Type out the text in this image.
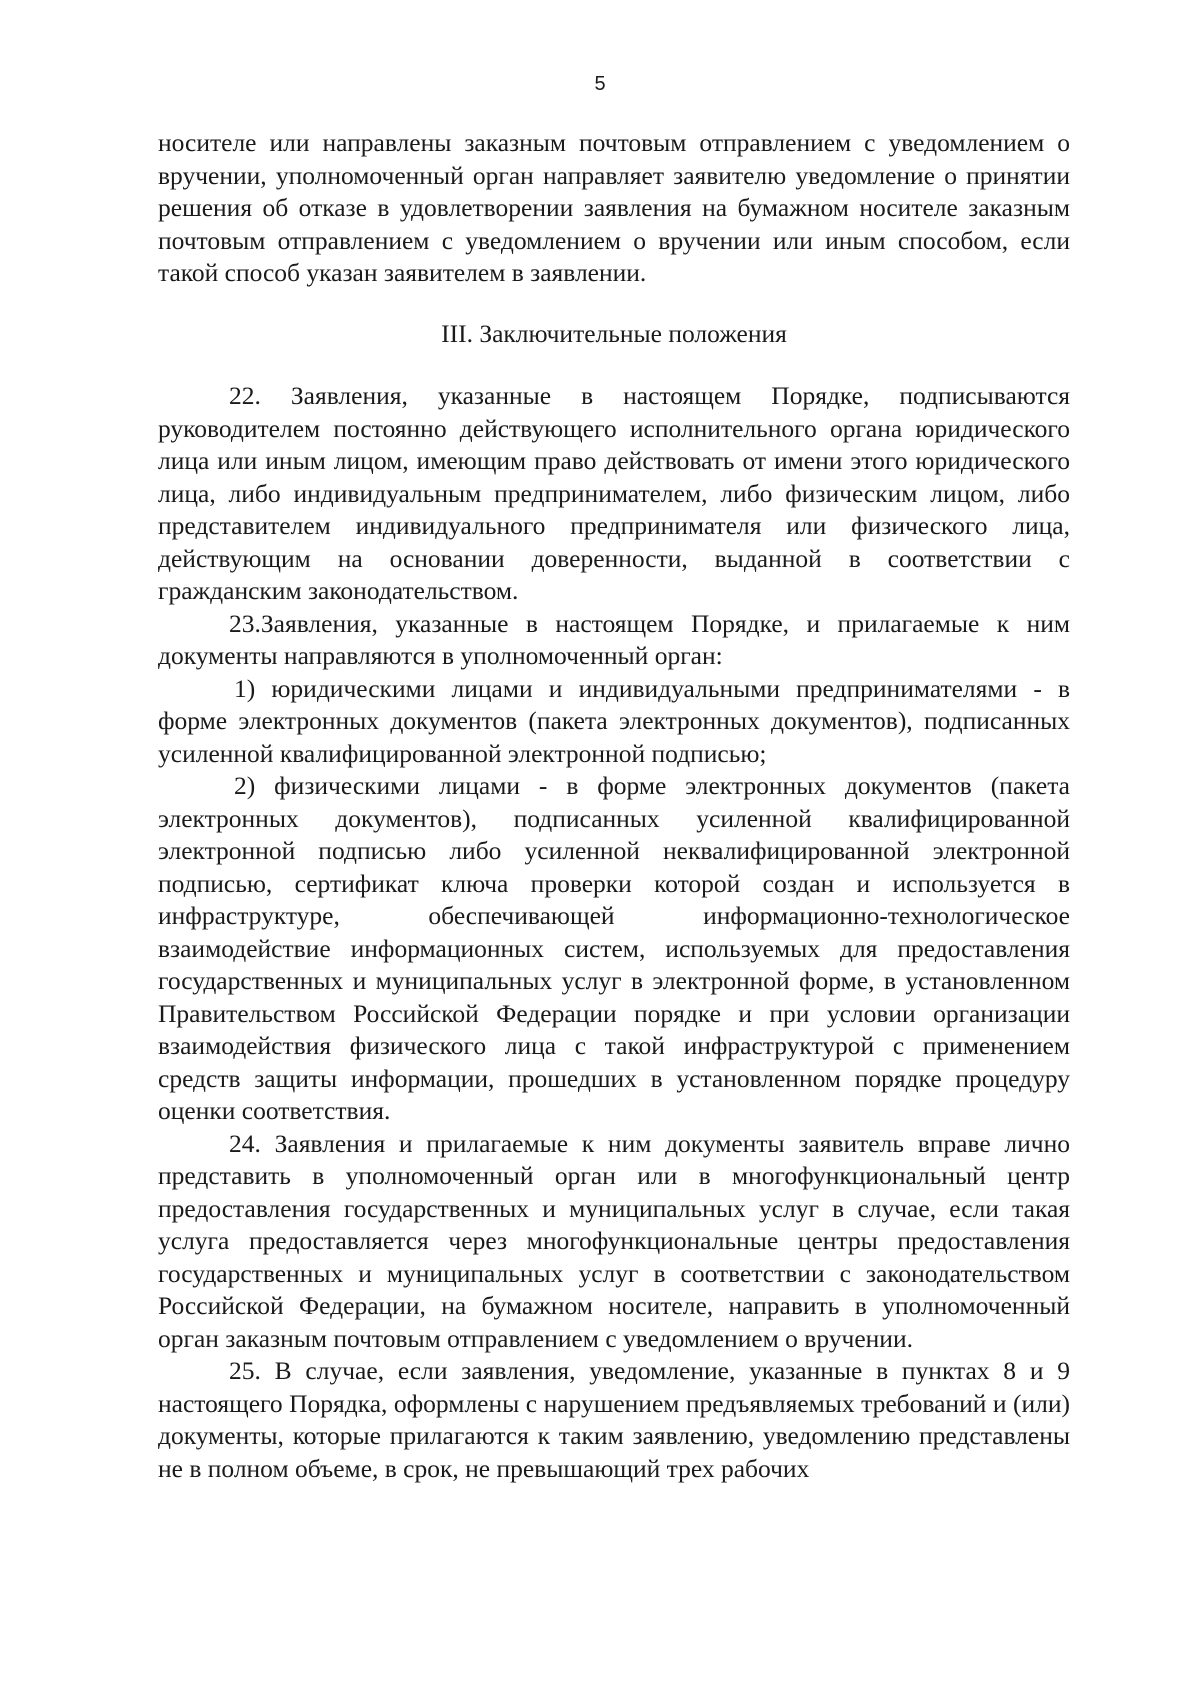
5

носителе или направлены заказным почтовым отправлением с уведомлением о вручении, уполномоченный орган направляет заявителю уведомление о принятии решения об отказе в удовлетворении заявления на бумажном носителе заказным почтовым отправлением с уведомлением о вручении или иным способом, если такой способ указан заявителем в заявлении.

III. Заключительные положения

22. Заявления, указанные в настоящем Порядке, подписываются руководителем постоянно действующего исполнительного органа юридического лица или иным лицом, имеющим право действовать от имени этого юридического лица, либо индивидуальным предпринимателем, либо физическим лицом, либо представителем индивидуального предпринимателя или физического лица, действующим на основании доверенности, выданной в соответствии с гражданским законодательством.

23.Заявления, указанные в настоящем Порядке, и прилагаемые к ним документы направляются в уполномоченный орган:

1) юридическими лицами и индивидуальными предпринимателями - в форме электронных документов (пакета электронных документов), подписанных усиленной квалифицированной электронной подписью;

2) физическими лицами - в форме электронных документов (пакета электронных документов), подписанных усиленной квалифицированной электронной подписью либо усиленной неквалифицированной электронной подписью, сертификат ключа проверки которой создан и используется в инфраструктуре, обеспечивающей информационно-технологическое взаимодействие информационных систем, используемых для предоставления государственных и муниципальных услуг в электронной форме, в установленном Правительством Российской Федерации порядке и при условии организации взаимодействия физического лица с такой инфраструктурой с применением средств защиты информации, прошедших в установленном порядке процедуру оценки соответствия.

24. Заявления и прилагаемые к ним документы заявитель вправе лично представить в уполномоченный орган или в многофункциональный центр предоставления государственных и муниципальных услуг в случае, если такая услуга предоставляется через многофункциональные центры предоставления государственных и муниципальных услуг в соответствии с законодательством Российской Федерации, на бумажном носителе, направить в уполномоченный орган заказным почтовым отправлением с уведомлением о вручении.

25. В случае, если заявления, уведомление, указанные в пунктах 8 и 9 настоящего Порядка, оформлены с нарушением предъявляемых требований и (или) документы, которые прилагаются к таким заявлению, уведомлению представлены не в полном объеме, в срок, не превышающий трех рабочих
